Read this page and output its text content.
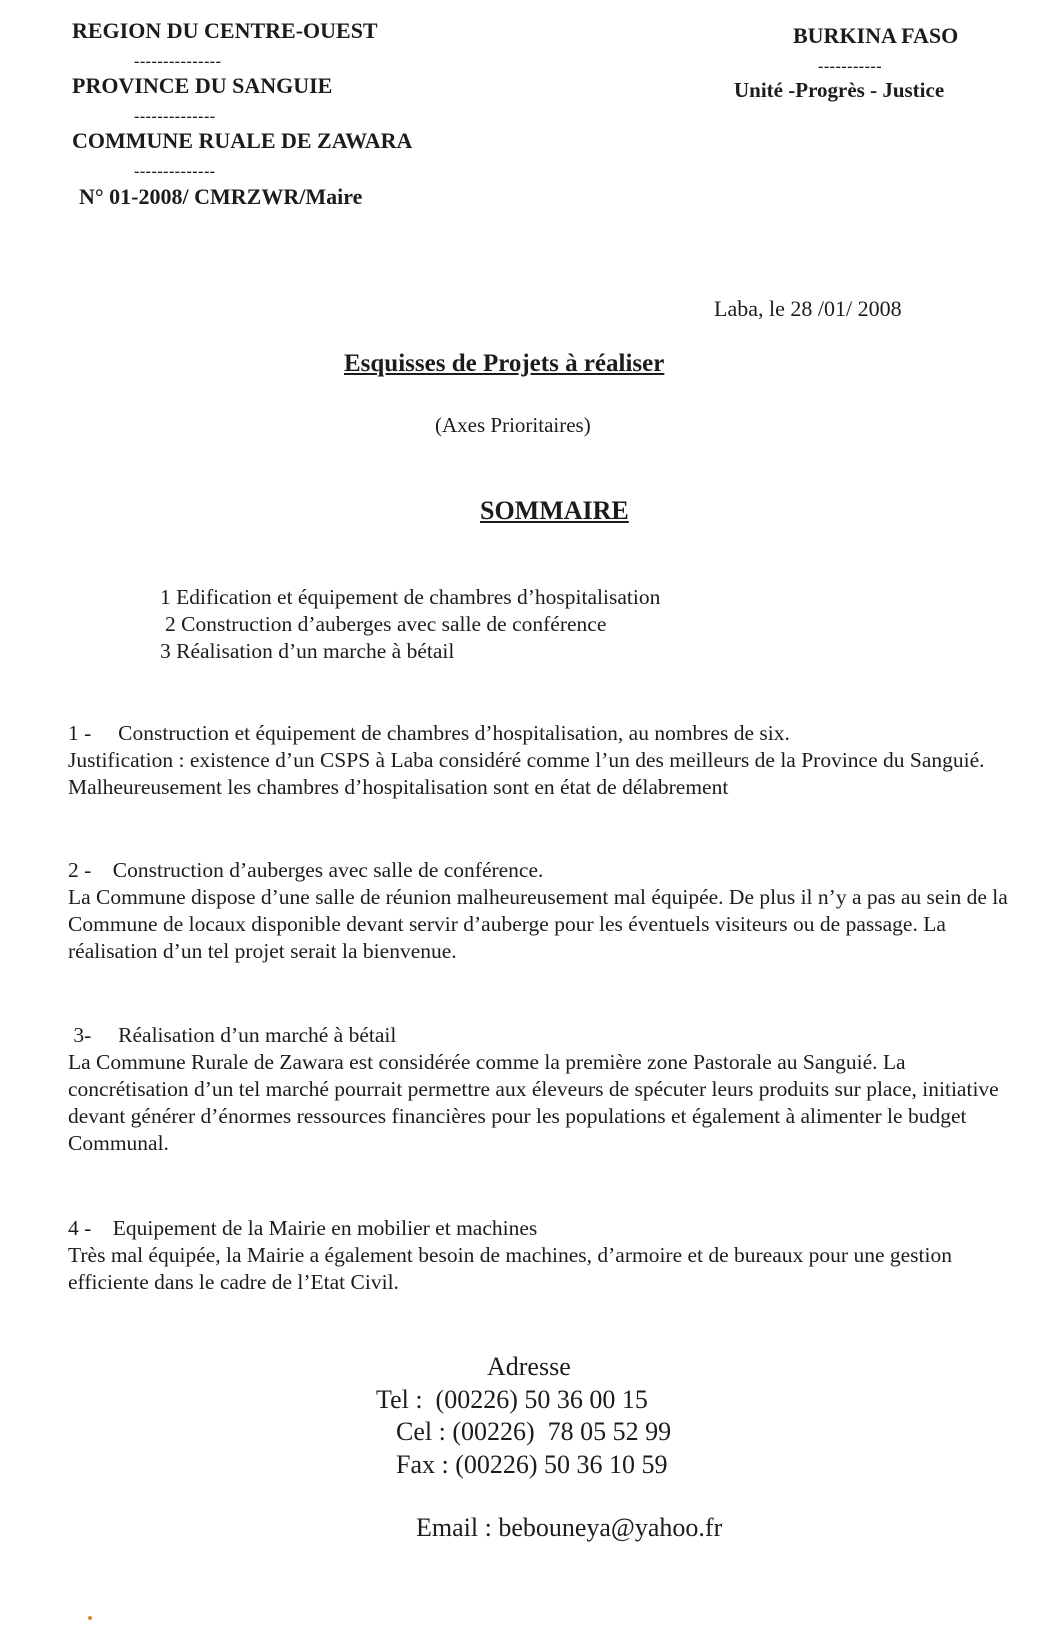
REGION DU CENTRE-OUEST
---------------
PROVINCE DU SANGUIE
--------------
COMMUNE RUALE DE ZAWARA
--------------
N° 01-2008/ CMRZWR/Maire
BURKINA FASO
-----------
Unité -Progrès - Justice
Laba, le 28 /01/ 2008
Esquisses de Projets à réaliser
(Axes Prioritaires)
SOMMAIRE
1 Edification et équipement de chambres d’hospitalisation
2 Construction d’auberges avec salle de conférence
3 Réalisation d’un marche à bétail
1 -     Construction et équipement de chambres d’hospitalisation, au nombres de six.
Justification : existence d’un CSPS à Laba considéré comme l’un des meilleurs de la Province du Sanguié. Malheureusement les chambres d’hospitalisation sont en état de délabrement
2 -    Construction d’auberges avec salle de conférence.
La Commune dispose d’une salle de réunion malheureusement mal équipée. De plus il n’y a pas au sein de la Commune de locaux disponible devant servir d’auberge pour les éventuels visiteurs ou de passage. La réalisation d’un tel projet serait la bienvenue.
3-     Réalisation d’un marché à bétail
La Commune Rurale de Zawara est considérée comme la première zone Pastorale au Sanguié. La concrétisation d’un tel marché pourrait permettre aux éleveurs de spécuter leurs produits sur place, initiative devant générer d’énormes ressources financières pour les populations et également à alimenter le budget Communal.
4 -    Equipement de la Mairie en mobilier et machines
Très mal équipée, la Mairie a également besoin de machines, d’armoire et de bureaux pour une gestion efficiente dans le cadre de l’Etat Civil.
Adresse
Tel :  (00226) 50 36 00 15
Cel : (00226)  78 05 52 99
Fax : (00226) 50 36 10 59
Email : bebouneya@yahoo.fr
